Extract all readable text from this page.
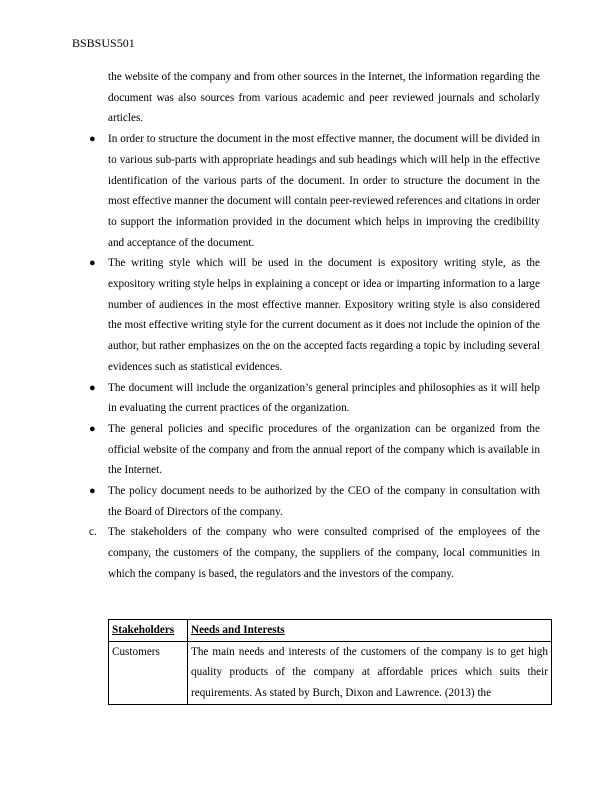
BSBSUS501

the website of the company and from other sources in the Internet, the information regarding the document was also sources from various academic and peer reviewed journals and scholarly articles.

● In order to structure the document in the most effective manner, the document will be divided in to various sub-parts with appropriate headings and sub headings which will help in the effective identification of the various parts of the document. In order to structure the document in the most effective manner the document will contain peer-reviewed references and citations in order to support the information provided in the document which helps in improving the credibility and acceptance of the document.
● The writing style which will be used in the document is expository writing style, as the expository writing style helps in explaining a concept or idea or imparting information to a large number of audiences in the most effective manner. Expository writing style is also considered the most effective writing style for the current document as it does not include the opinion of the author, but rather emphasizes on the on the accepted facts regarding a topic by including several evidences such as statistical evidences.
● The document will include the organization’s general principles and philosophies as it will help in evaluating the current practices of the organization.
● The general policies and specific procedures of the organization can be organized from the official website of the company and from the annual report of the company which is available in the Internet.
● The policy document needs to be authorized by the CEO of the company in consultation with the Board of Directors of the company.
c. The stakeholders of the company who were consulted comprised of the employees of the company, the customers of the company, the suppliers of the company, local communities in which the company is based, the regulators and the investors of the company.
Stakeholders	Needs and Interests
Customers	The main needs and interests of the customers of the company is to get high quality products of the company at affordable prices which suits their requirements. As stated by Burch, Dixon and Lawrence. (2013) the
